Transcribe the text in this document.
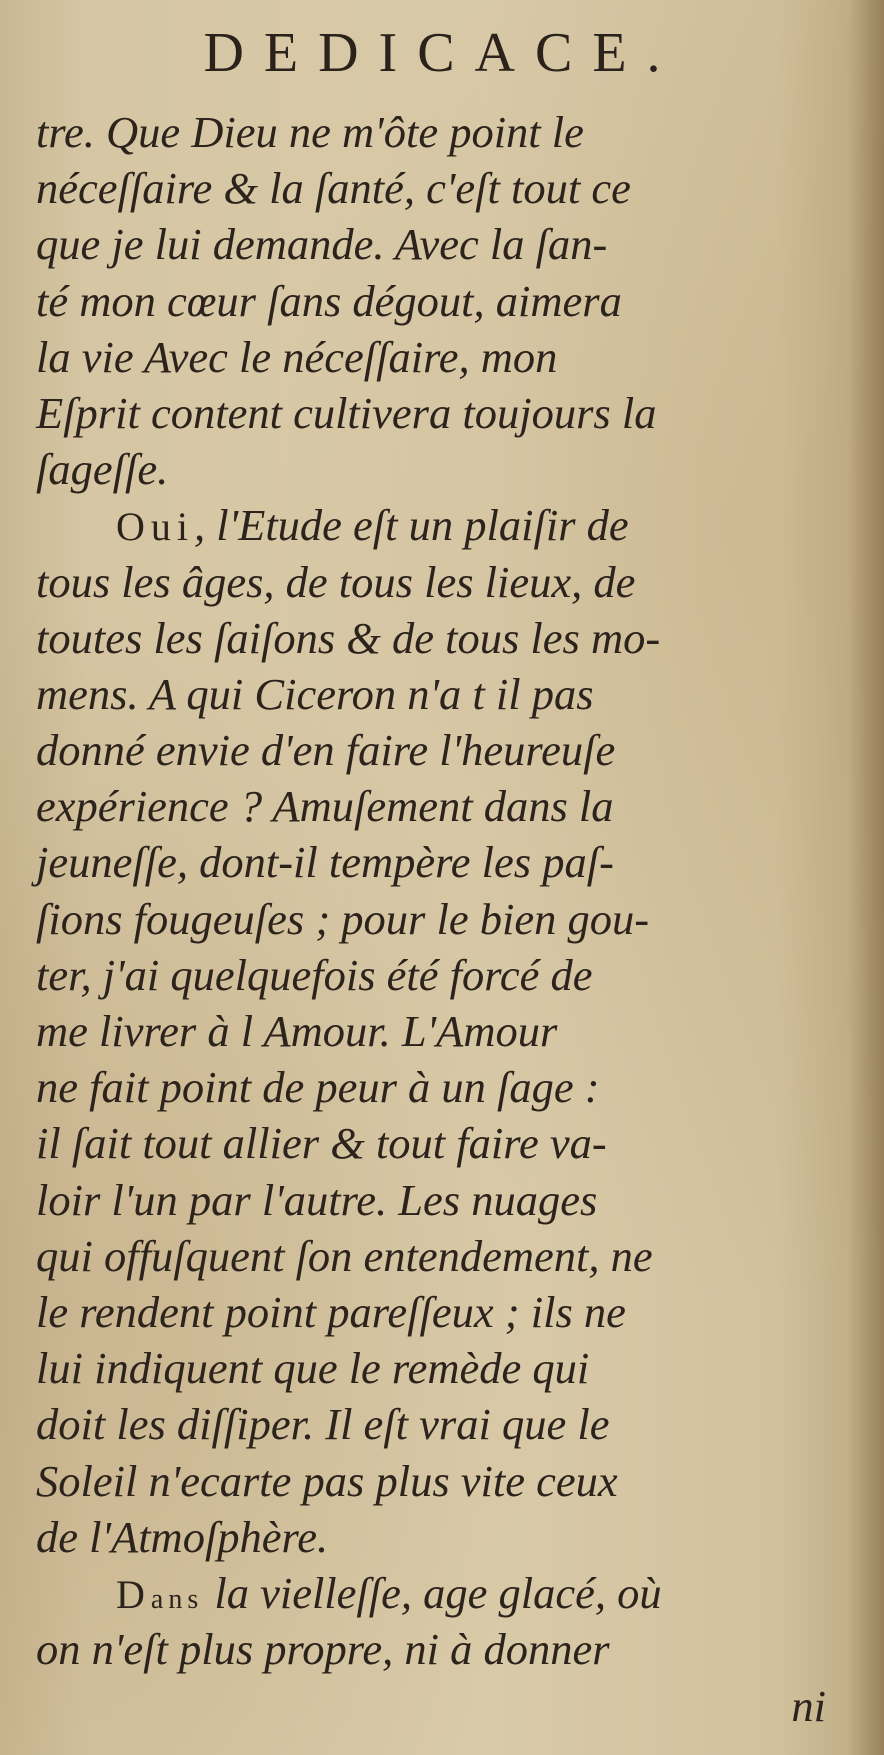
DEDICACE.
tre. Que Dieu ne m'ôte point le
néceſſaire & la ſanté, c'eſt tout ce
que je lui demande. Avec la ſan-
té mon cœur ſans dégout, aimera
la vie Avec le néceſſaire, mon
Eſprit content cultivera toujours la
ſageſſe.
Oui, l'Etude eſt un plaiſir de
tous les âges, de tous les lieux, de
toutes les ſaiſons & de tous les mo-
mens. A qui Ciceron n'a t il pas
donné envie d'en faire l'heureuſe
expérience ? Amuſement dans la
jeuneſſe, dont-il tempère les paſ-
ſions fougeuſes ; pour le bien gou-
ter, j'ai quelquefois été forcé de
me livrer à l Amour. L'Amour
ne fait point de peur à un ſage :
il ſait tout allier & tout faire va-
loir l'un par l'autre. Les nuages
qui offuſquent ſon entendement, ne
le rendent point pareſſeux ; ils ne
lui indiquent que le remède qui
doit les diſſiper. Il eſt vrai que le
Soleil n'ecarte pas plus vite ceux
de l'Atmoſphère.
Dans la vielleſſe, age glacé, où
on n'eſt plus propre, ni à donner
ni
